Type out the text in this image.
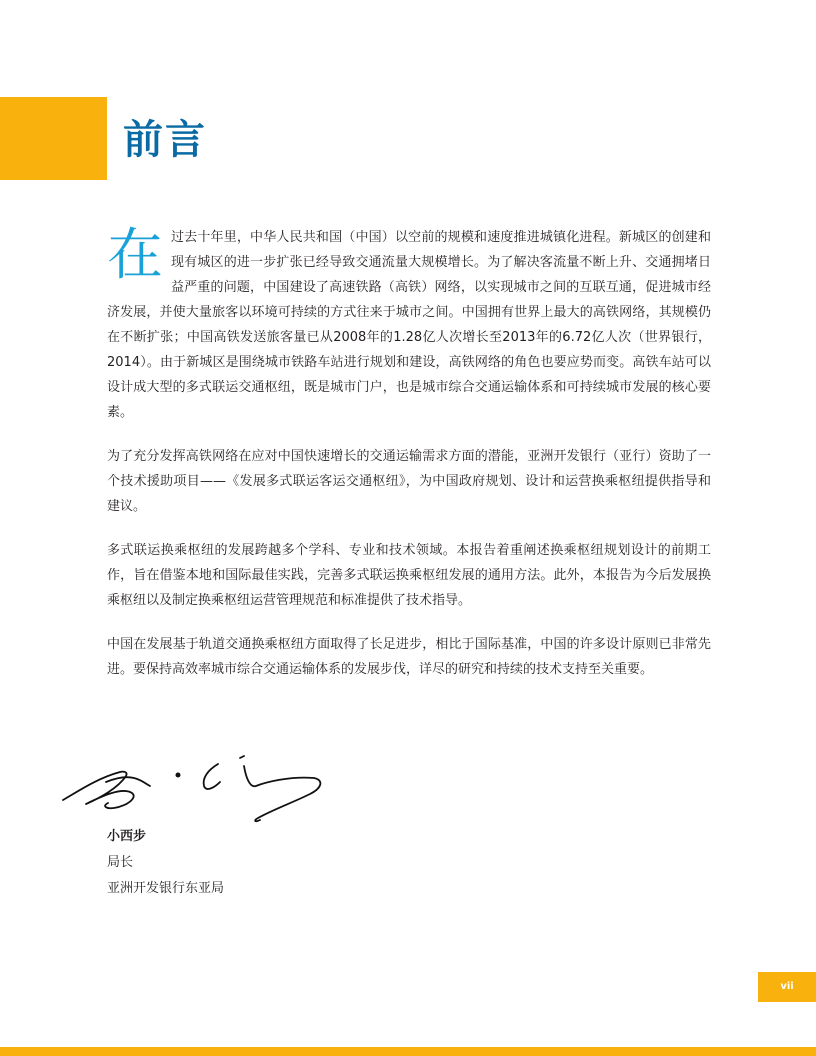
前言

在 过去十年里，中华人民共和国（中国）以空前的规模和速度推进城镇化进程。新城区的创建和现有城区的进一步扩张已经导致交通流量大规模增长。为了解决客流量不断上升、交通拥堵日益严重的问题，中国建设了高速铁路（高铁）网络，以实现城市之间的互联互通，促进城市经济发展，并使大量旅客以环境可持续的方式往来于城市之间。中国拥有世界上最大的高铁网络，其规模仍在不断扩张；中国高铁发送旅客量已从2008年的1.28亿人次增长至2013年的6.72亿人次（世界银行，2014）。由于新城区是围绕城市铁路车站进行规划和建设，高铁网络的角色也要应势而变。高铁车站可以设计成大型的多式联运交通枢纽，既是城市门户，也是城市综合交通运输体系和可持续城市发展的核心要素。

为了充分发挥高铁网络在应对中国快速增长的交通运输需求方面的潜能，亚洲开发银行（亚行）资助了一个技术援助项目——《发展多式联运客运交通枢纽》，为中国政府规划、设计和运营换乘枢纽提供指导和建议。

多式联运换乘枢纽的发展跨越多个学科、专业和技术领域。本报告着重阐述换乘枢纽规划设计的前期工作，旨在借鉴本地和国际最佳实践，完善多式联运换乘枢纽发展的通用方法。此外，本报告为今后发展换乘枢纽以及制定换乘枢纽运营管理规范和标准提供了技术指导。

中国在发展基于轨道交通换乘枢纽方面取得了长足进步，相比于国际基准，中国的许多设计原则已非常先进。要保持高效率城市综合交通运输体系的发展步伐，详尽的研究和持续的技术支持至关重要。

小西步
局长
亚洲开发银行东亚局
vii
